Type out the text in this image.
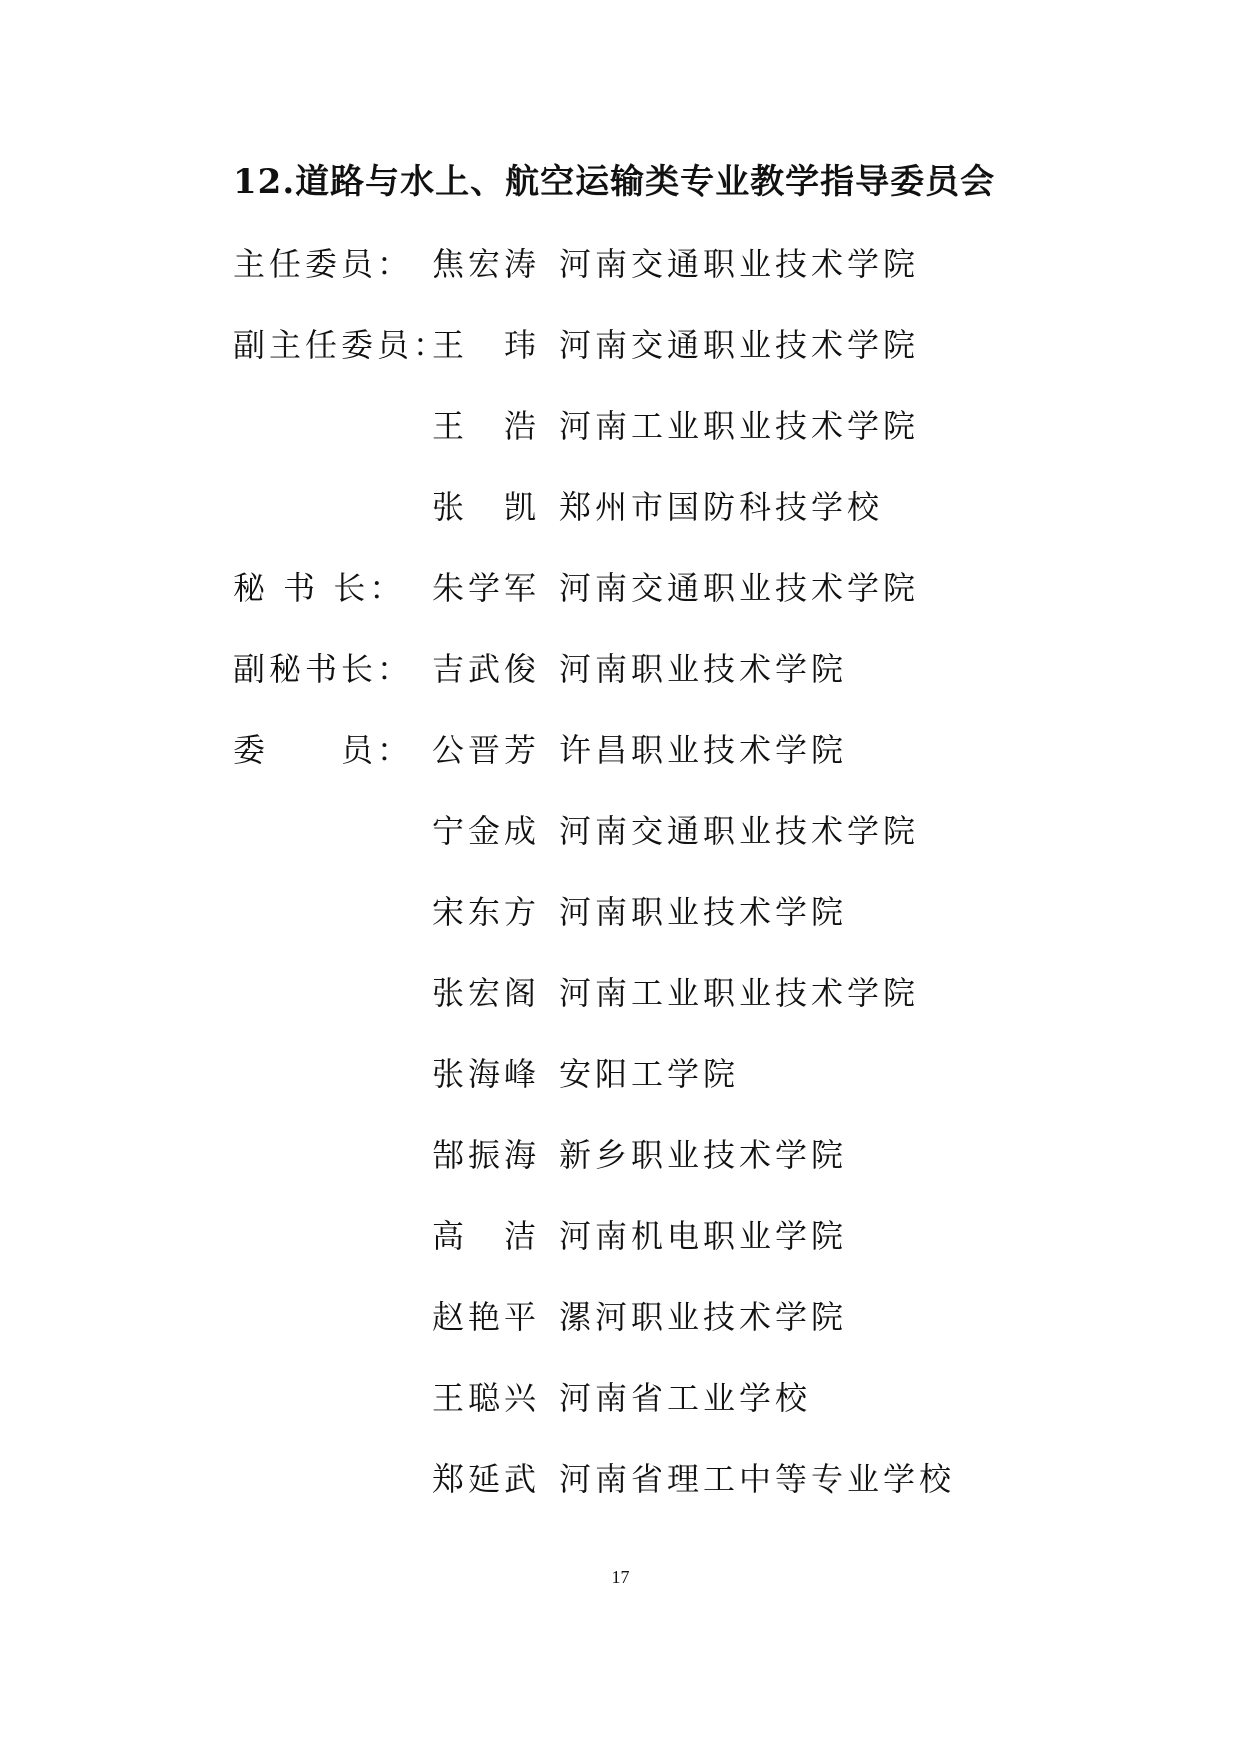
12.道路与水上、航空运输类专业教学指导委员会
主任委员： 焦宏涛 河南交通职业技术学院
副主任委员：
王　玮 河南交通职业技术学院
王　浩 河南工业职业技术学院
张　凯 郑州市国防科技学校
秘 书 长： 朱学军 河南交通职业技术学院
副秘书长： 吉武俊 河南职业技术学院
委　　员： 公晋芳 许昌职业技术学院
宁金成 河南交通职业技术学院
宋东方 河南职业技术学院
张宏阁 河南工业职业技术学院
张海峰 安阳工学院
郜振海 新乡职业技术学院
高　洁 河南机电职业学院
赵艳平 漯河职业技术学院
王聪兴 河南省工业学校
郑延武 河南省理工中等专业学校
17
